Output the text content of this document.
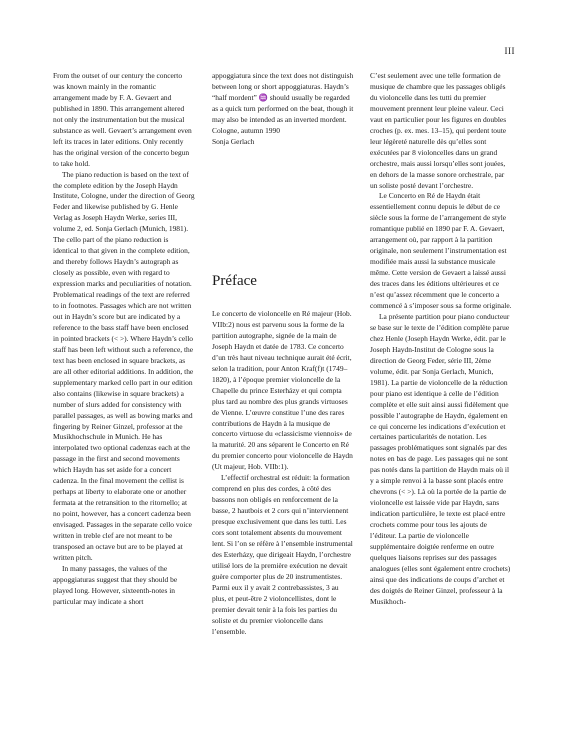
III

From the outset of our century the concerto was known mainly in the romantic arrangement made by F. A. Gevaert and published in 1890. This arrangement altered not only the instrumentation but the musical substance as well. Gevaert’s arrangement even left its traces in later editions. Only recently has the original version of the concerto begun to take hold.

The piano reduction is based on the text of the complete edition by the Joseph Haydn Institute, Cologne, under the direction of Georg Feder and likewise published by G. Henle Verlag as Joseph Haydn Werke, series III, volume 2, ed. Sonja Gerlach (Munich, 1981). The cello part of the piano reduction is identical to that given in the complete edition, and thereby follows Haydn’s autograph as closely as possible, even with regard to expression marks and peculiarities of notation. Problematical readings of the text are referred to in footnotes. Passages which are not written out in Haydn’s score but are indicated by a reference to the bass staff have been enclosed in pointed brackets (< >). Where Haydn’s cello staff has been left without such a reference, the text has been enclosed in square brackets, as are all other editorial additions. In addition, the supplementary marked cello part in our edition also contains (likewise in square brackets) a number of slurs added for consistency with parallel passages, as well as bowing marks and fingering by Reiner Ginzel, professor at the Musikhochschule in Munich. He has interpolated two optional cadenzas each at the passage in the first and second movements which Haydn has set aside for a concert cadenza. In the final movement the cellist is perhaps at liberty to elaborate one or another fermata at the retransition to the ritornello; at no point, however, has a concert cadenza been envisaged. Passages in the separate cello voice written in treble clef are not meant to be transposed an octave but are to be played at written pitch.

In many passages, the values of the appoggiaturas suggest that they should be played long. However, sixteenth-notes in particular may indicate a short

appoggiatura since the text does not distinguish between long or short appoggiaturas. Haydn’s “half mordent” ♒ should usually be regarded as a quick turn performed on the beat, though it may also be intended as an inverted mordent.

Cologne, autumn 1990

Sonja Gerlach

Préface

Le concerto de violoncelle en Ré majeur (Hob. VIIb:2) nous est parvenu sous la forme de la partition autographe, signée de la main de Joseph Haydn et datée de 1783. Ce concerto d’un très haut niveau technique aurait été écrit, selon la tradition, pour Anton Kraf(f)t (1749–1820), à l’époque premier violoncelle de la Chapelle du prince Esterházy et qui compta plus tard au nombre des plus grands virtuoses de Vienne. L’œuvre constitue l’une des rares contributions de Haydn à la musique de concerto virtuose du «classicisme viennois» de la maturité. 20 ans séparent le Concerto en Ré du premier concerto pour violoncelle de Haydn (Ut majeur, Hob. VIIb:1).

L’effectif orchestral est réduit: la formation comprend en plus des cordes, à côté des bassons non obligés en renforcement de la basse, 2 hautbois et 2 cors qui n’interviennent presque exclusivement que dans les tutti. Les cors sont totalement absents du mouvement lent. Si l’on se réfère à l’ensemble instrumental des Esterházy, que dirigeait Haydn, l’orchestre utilisé lors de la première exécution ne devait guère comporter plus de 20 instrumentistes. Parmi eux il y avait 2 contrebassistes, 3 au plus, et peut-être 2 violoncellistes, dont le premier devait tenir à la fois les parties du soliste et du premier violoncelle dans l’ensemble.

C’est seulement avec une telle formation de musique de chambre que les passages obligés du violoncelle dans les tutti du premier mouvement prennent leur pleine valeur. Ceci vaut en particulier pour les figures en doubles croches (p. ex. mes. 13–15), qui perdent toute leur légèreté naturelle dès qu’elles sont exécutées par 8 violoncelles dans un grand orchestre, mais aussi lorsqu’elles sont jouées, en dehors de la masse sonore orchestrale, par un soliste posté devant l’orchestre.

Le Concerto en Ré de Haydn était essentiellement connu depuis le début de ce siècle sous la forme de l’arrangement de style romantique publié en 1890 par F. A. Gevaert, arrangement où, par rapport à la partition originale, non seulement l’instrumentation est modifiée mais aussi la substance musicale même. Cette version de Gevaert a laissé aussi des traces dans les éditions ultérieures et ce n’est qu’assez récemment que le concerto a commencé à s’imposer sous sa forme originale.

La présente partition pour piano conducteur se base sur le texte de l’édition complète parue chez Henle (Joseph Haydn Werke, édit. par le Joseph Haydn-Institut de Cologne sous la direction de Georg Feder, série III, 2ème volume, édit. par Sonja Gerlach, Munich, 1981). La partie de violoncelle de la réduction pour piano est identique à celle de l’édition complète et elle suit ainsi aussi fidèlement que possible l’autographe de Haydn, également en ce qui concerne les indications d’exécution et certaines particularités de notation. Les passages problématiques sont signalés par des notes en bas de page. Les passages qui ne sont pas notés dans la partition de Haydn mais où il y a simple renvoi à la basse sont placés entre chevrons (< >). Là où la portée de la partie de violoncelle est laissée vide par Haydn, sans indication particulière, le texte est placé entre crochets comme pour tous les ajouts de l’éditeur. La partie de violoncelle supplémentaire doigtée renferme en outre quelques liaisons reprises sur des passages analogues (elles sont également entre crochets) ainsi que des indications de coups d’archet et des doigtés de Reiner Ginzel, professeur à la Musikhoch-
